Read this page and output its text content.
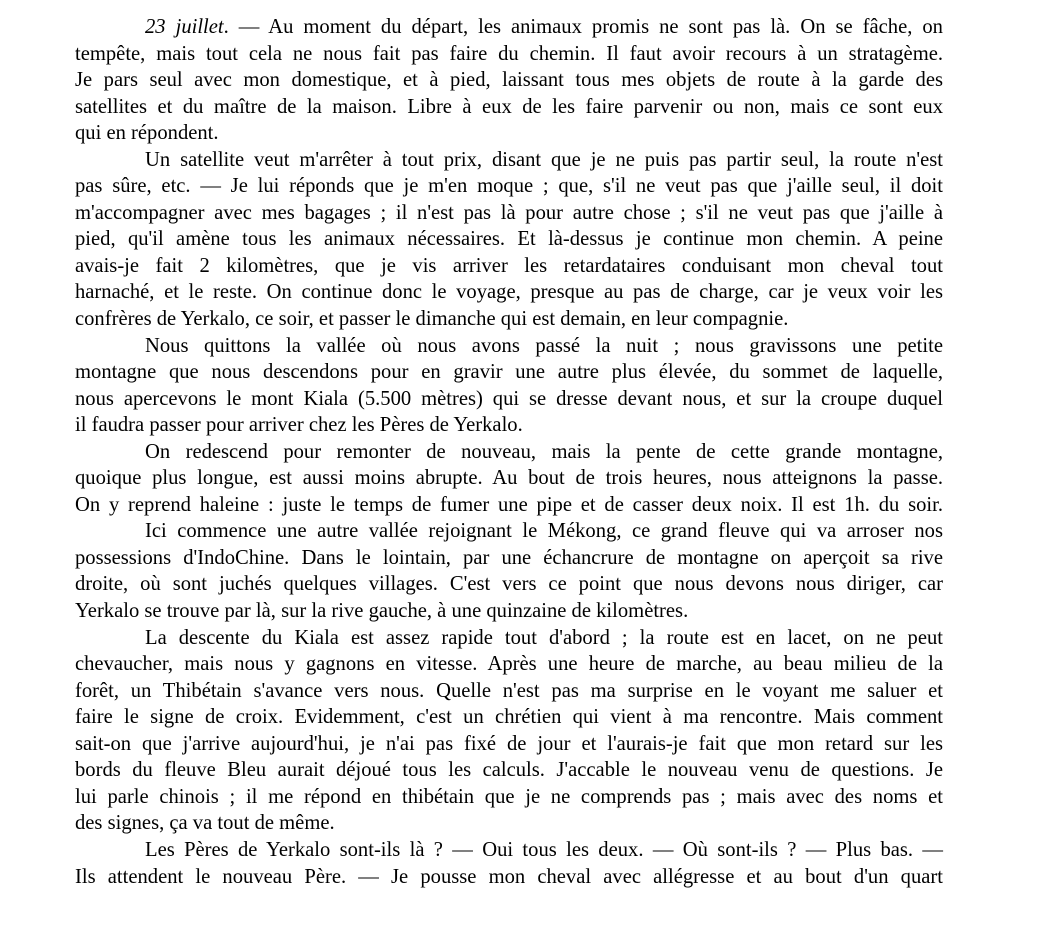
23 juillet. — Au moment du départ, les animaux promis ne sont pas là. On se fâche, on
tempête, mais tout cela ne nous fait pas faire du chemin. Il faut avoir recours à un stratagème.
Je pars seul avec mon domestique, et à pied, laissant tous mes objets de route à la garde des
satellites et du maître de la maison. Libre à eux de les faire parvenir ou non, mais ce sont eux
qui en répondent.
Un satellite veut m'arrêter à tout prix, disant que je ne puis pas partir seul, la route n'est
pas sûre, etc. — Je lui réponds que je m'en moque ; que, s'il ne veut pas que j'aille seul, il doit
m'accompagner avec mes bagages ; il n'est pas là pour autre chose ; s'il ne veut pas que j'aille à
pied, qu'il amène tous les animaux nécessaires. Et là-dessus je continue mon chemin. A peine
avais-je fait 2 kilomètres, que je vis arriver les retardataires conduisant mon cheval tout
harnaché, et le reste. On continue donc le voyage, presque au pas de charge, car je veux voir les
confrères de Yerkalo, ce soir, et passer le dimanche qui est demain, en leur compagnie.
Nous quittons la vallée où nous avons passé la nuit ; nous gravissons une petite
montagne que nous descendons pour en gravir une autre plus élevée, du sommet de laquelle,
nous apercevons le mont Kiala (5.500 mètres) qui se dresse devant nous, et sur la croupe duquel
il faudra passer pour arriver chez les Pères de Yerkalo.
On redescend pour remonter de nouveau, mais la pente de cette grande montagne,
quoique plus longue, est aussi moins abrupte. Au bout de trois heures, nous atteignons la passe.
On y reprend haleine : juste le temps de fumer une pipe et de casser deux noix. Il est 1h. du soir.
Ici commence une autre vallée rejoignant le Mékong, ce grand fleuve qui va arroser nos
possessions d'IndoChine. Dans le lointain, par une échancrure de montagne on aperçoit sa rive
droite, où sont juchés quelques villages. C'est vers ce point que nous devons nous diriger, car
Yerkalo se trouve par là, sur la rive gauche, à une quinzaine de kilomètres.
La descente du Kiala est assez rapide tout d'abord ; la route est en lacet, on ne peut
chevaucher, mais nous y gagnons en vitesse. Après une heure de marche, au beau milieu de la
forêt, un Thibétain s'avance vers nous. Quelle n'est pas ma surprise en le voyant me saluer et
faire le signe de croix. Evidemment, c'est un chrétien qui vient à ma rencontre. Mais comment
sait-on que j'arrive aujourd'hui, je n'ai pas fixé de jour et l'aurais-je fait que mon retard sur les
bords du fleuve Bleu aurait déjoué tous les calculs. J'accable le nouveau venu de questions. Je
lui parle chinois ; il me répond en thibétain que je ne comprends pas ; mais avec des noms et
des signes, ça va tout de même.
Les Pères de Yerkalo sont-ils là ? — Oui tous les deux. — Où sont-ils ? — Plus bas. —
Ils attendent le nouveau Père. — Je pousse mon cheval avec allégresse et au bout d'un quart
